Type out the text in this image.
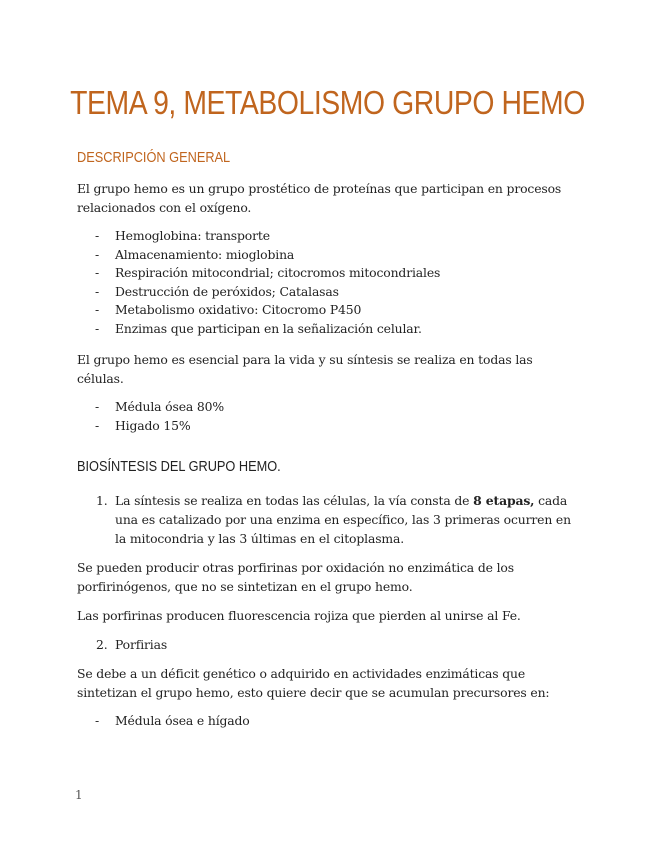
TEMA 9, METABOLISMO GRUPO HEMO
DESCRIPCIÓN GENERAL

El grupo hemo es un grupo prostético de proteínas que participan en procesos relacionados con el oxígeno.

- Hemoglobina: transporte
- Almacenamiento: mioglobina
- Respiración mitocondrial; citocromos mitocondriales
- Destrucción de peróxidos; Catalasas
- Metabolismo oxidativo: Citocromo P450
- Enzimas que participan en la señalización celular.

El grupo hemo es esencial para la vida y su síntesis se realiza en todas las células.

- Médula ósea 80%
- Higado 15%
BIOSÍNTESIS DEL GRUPO HEMO.
1. La síntesis se realiza en todas las células, la vía consta de 8 etapas, cada una es catalizado por una enzima en específico, las 3 primeras ocurren en la mitocondria y las 3 últimas en el citoplasma.

Se pueden producir otras porfirinas por oxidación no enzimática de los porfirinógenos, que no se sintetizan en el grupo hemo.

Las porfirinas producen fluorescencia rojiza que pierden al unirse al Fe.

2. Porfirias

Se debe a un déficit genético o adquirido en actividades enzimáticas que sintetizan el grupo hemo, esto quiere decir que se acumulan precursores en:

- Médula ósea e hígado
1
